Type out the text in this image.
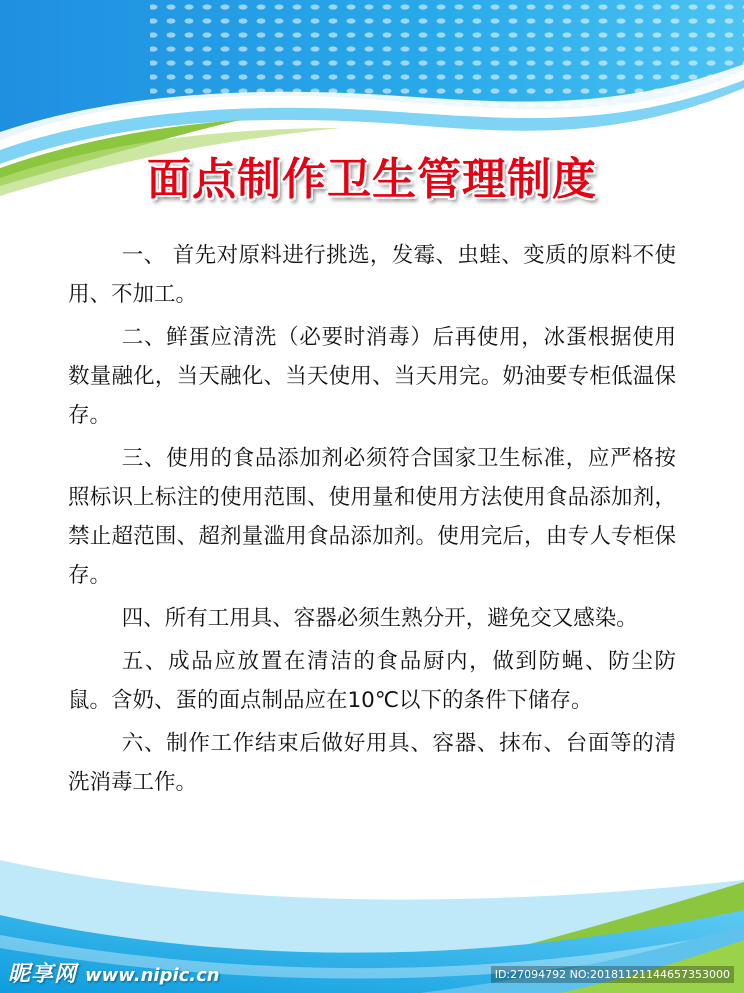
面点制作卫生管理制度

一、 首先对原料进行挑选，发霉、虫蛙、变质的原料不使用、不加工。

二、鲜蛋应清洗（必要时消毒）后再使用，冰蛋根据使用数量融化，当天融化、当天使用、当天用完。奶油要专柜低温保存。

三、使用的食品添加剂必须符合国家卫生标准，应严格按照标识上标注的使用范围、使用量和使用方法使用食品添加剂，禁止超范围、超剂量滥用食品添加剂。使用完后，由专人专柜保存。

四、所有工用具、容器必须生熟分开，避免交又感染。

五、成品应放置在清洁的食品厨内，做到防蝇、防尘防鼠。含奶、蛋的面点制品应在10℃以下的条件下储存。

六、制作工作结束后做好用具、容器、抹布、台面等的清洗消毒工作。

昵享网 www.nipic.cn	ID:27094792 NO:20181121144657353000
